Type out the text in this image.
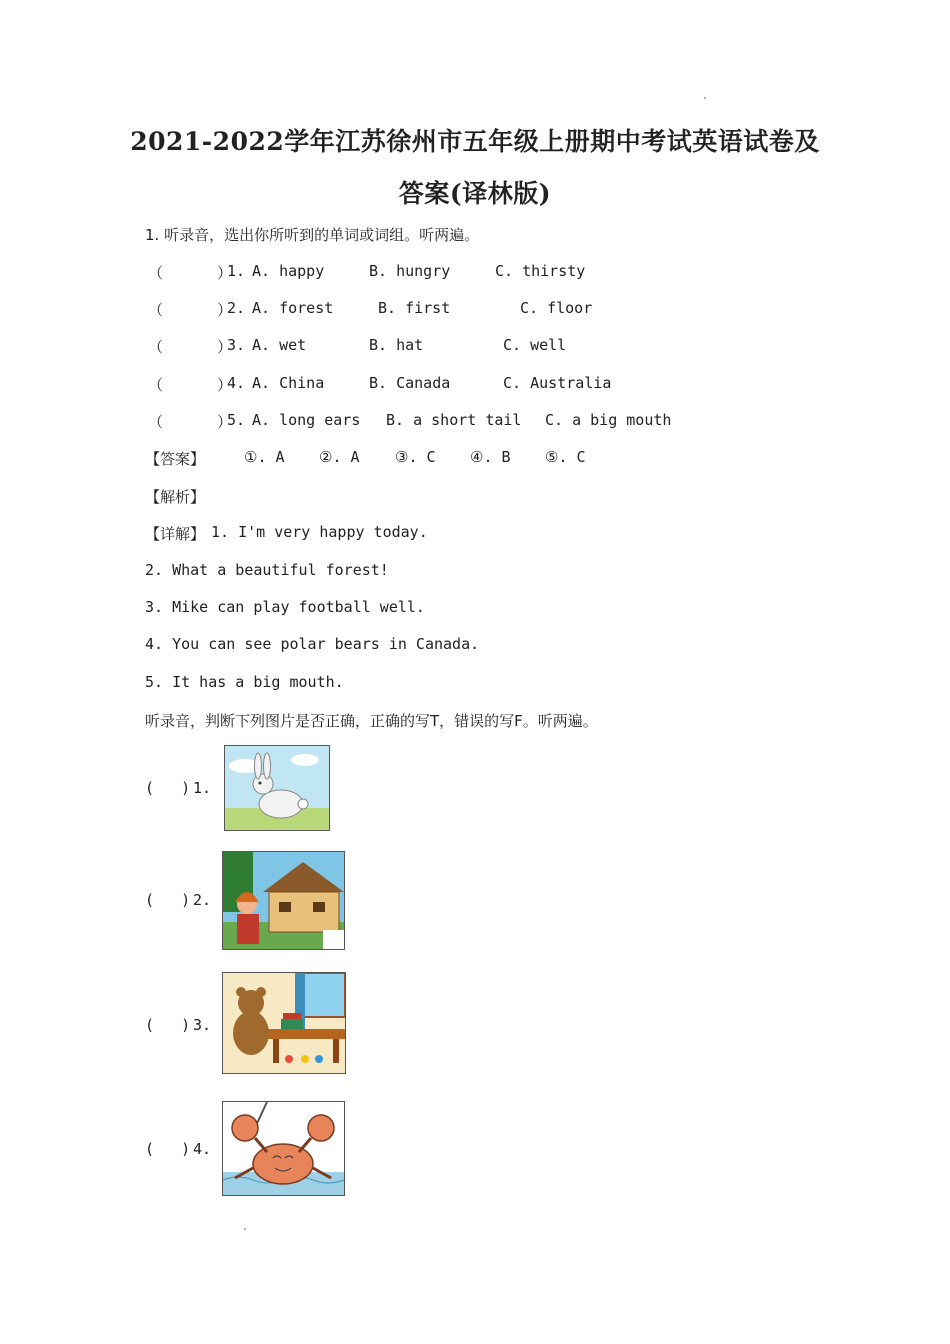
2021-2022学年江苏徐州市五年级上册期中考试英语试卷及
答案(译林版)
1. 听录音，选出你所听到的单词或词组。听两遍。
（      ）
1. A. happy	B. hungry	C. thirsty
（      ）
2. A. forest	B. first	C. floor
（      ）
3. A. wet	B. hat	C. well
（      ）
4. A. China	B. Canada	C. Australia
（      ）
5. A. long ears B. a short tail C. a big mouth
【答案】	①. A ②. A ③. C ④. B ⑤. C
【解析】
【详解】 1. I'm very happy today.
2. What a beautiful forest!
3. Mike can play football well.
4. You can see polar bears in Canada.
5. It has a big mouth.
听录音，判断下列图片是否正确，正确的写T，错误的写F。听两遍。
(   ) 1.
(   ) 2.
(   ) 3.
(   ) 4.
